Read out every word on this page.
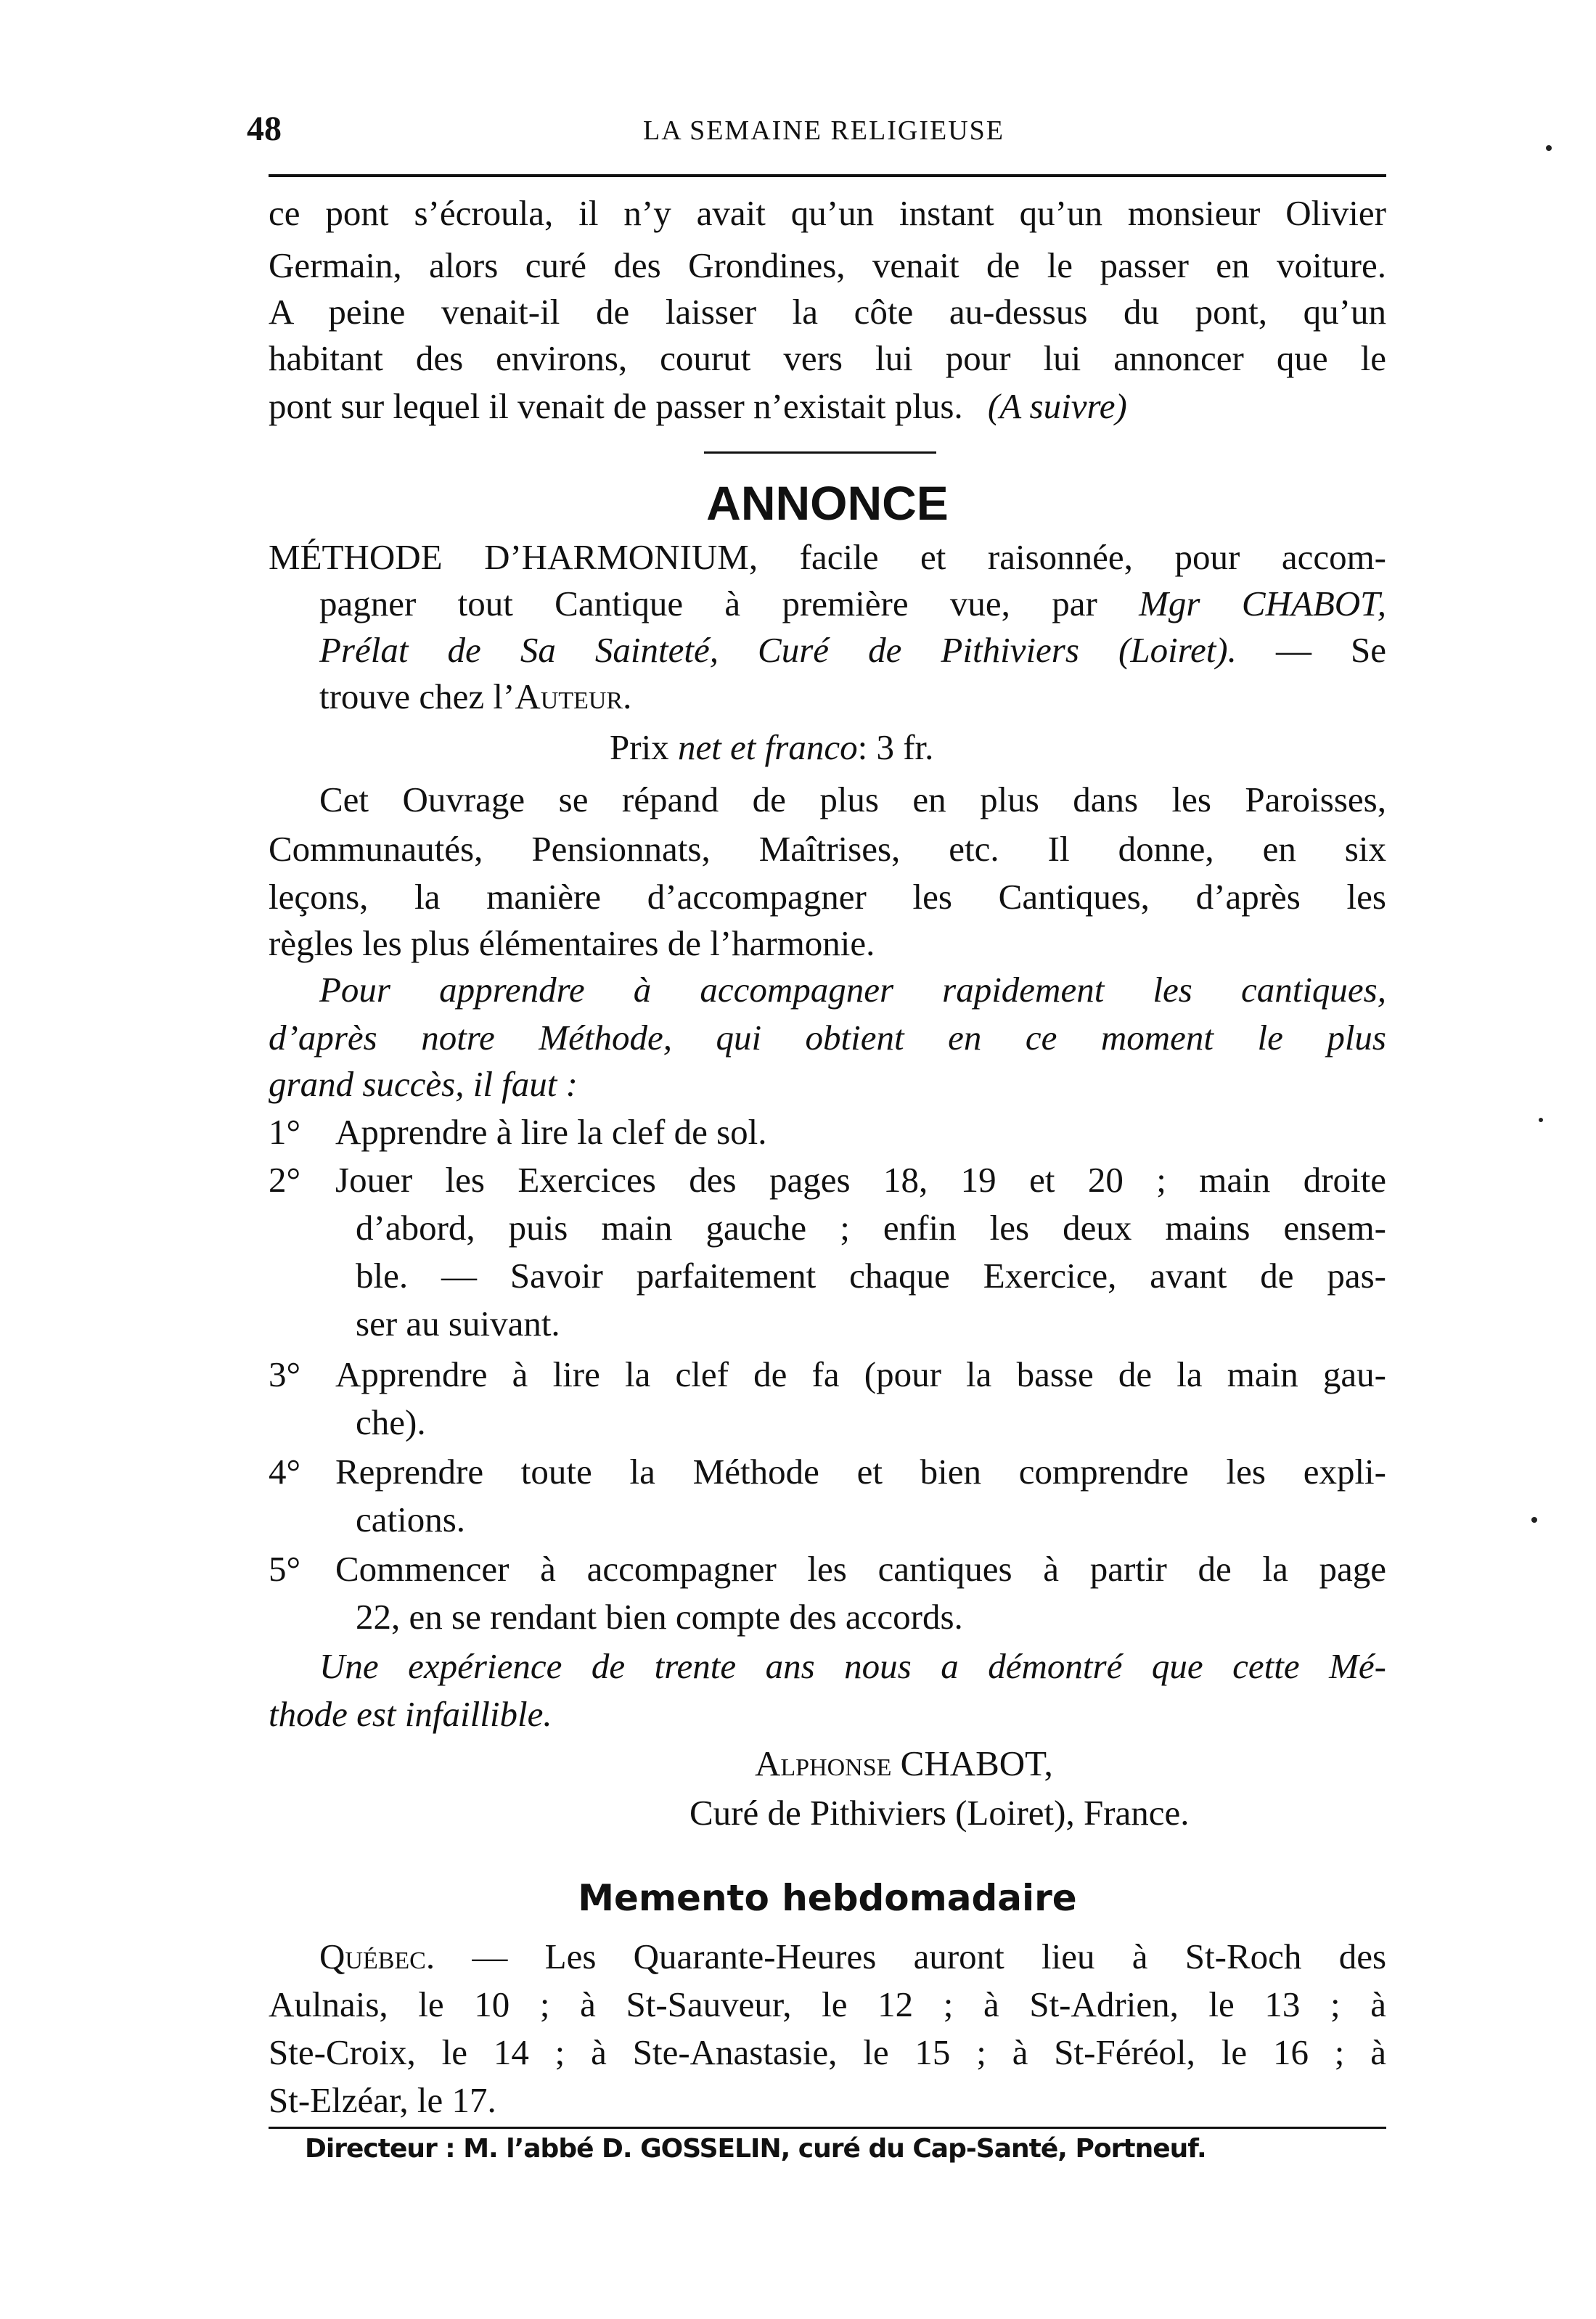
48	LA SEMAINE RELIGIEUSE
ce pont s’écroula, il n’y avait qu’un instant qu’un monsieur Olivier
Germain, alors curé des Grondines, venait de le passer en voiture.
A peine venait-il de laisser la côte au-dessus du pont, qu’un
habitant des environs, courut vers lui pour lui annoncer que le
pont sur lequel il venait de passer n’existait plus. (A suivre)
ANNONCE
MÉTHODE D’HARMONIUM, facile et raisonnée, pour accom-
pagner tout Cantique à première vue, par Mgr CHABOT,
Prélat de Sa Sainteté, Curé de Pithiviers (Loiret). — Se
trouve chez l’Auteur.
Prix net et franco: 3 fr.
Cet Ouvrage se répand de plus en plus dans les Paroisses,
Communautés, Pensionnats, Maîtrises, etc. Il donne, en six
leçons, la manière d’accompagner les Cantiques, d’après les
règles les plus élémentaires de l’harmonie.
Pour apprendre à accompagner rapidement les cantiques,
d’après notre Méthode, qui obtient en ce moment le plus
grand succès, il faut :
1° Apprendre à lire la clef de sol.
2° Jouer les Exercices des pages 18, 19 et 20 ; main droite
d’abord, puis main gauche ; enfin les deux mains ensem-
ble. — Savoir parfaitement chaque Exercice, avant de pas-
ser au suivant.
3° Apprendre à lire la clef de fa (pour la basse de la main gau-
che).
4° Reprendre toute la Méthode et bien comprendre les expli-
cations.
5° Commencer à accompagner les cantiques à partir de la page
22, en se rendant bien compte des accords.
Une expérience de trente ans nous a démontré que cette Mé-
thode est infaillible.
Alphonse CHABOT,
Curé de Pithiviers (Loiret), France.
Memento hebdomadaire
Québec. — Les Quarante-Heures auront lieu à St-Roch des
Aulnais, le 10 ; à St-Sauveur, le 12 ; à St-Adrien, le 13 ; à
Ste-Croix, le 14 ; à Ste-Anastasie, le 15 ; à St-Féréol, le 16 ; à
St-Elzéar, le 17.
Directeur : M. l’abbé D. GOSSELIN, curé du Cap-Santé, Portneuf.
